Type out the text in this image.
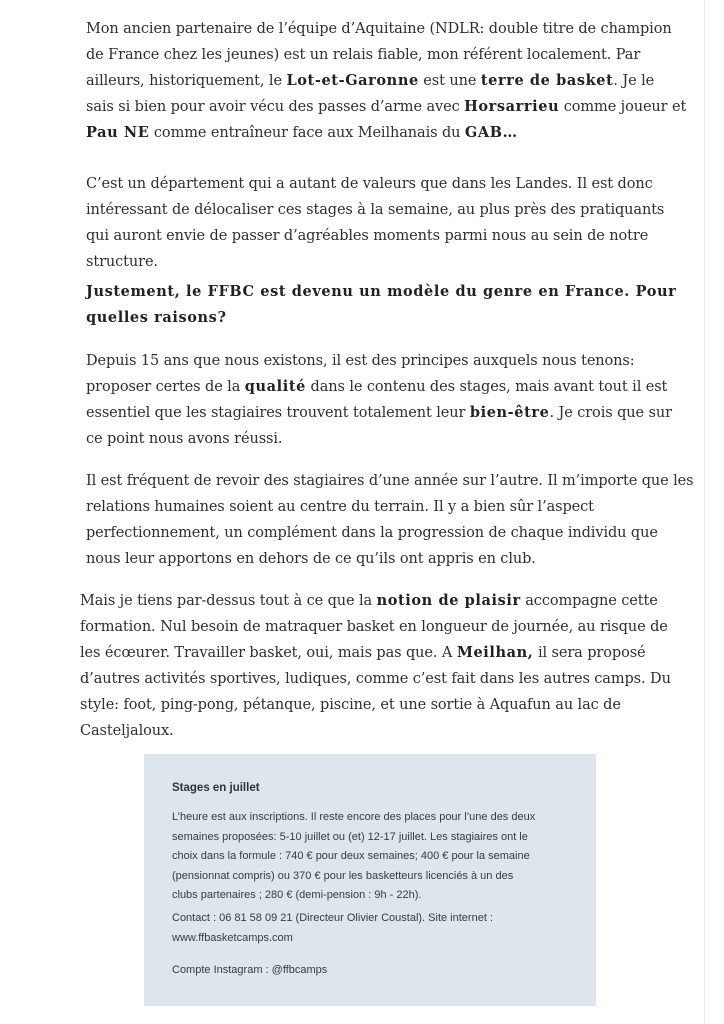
Mon ancien partenaire de l’équipe d’Aquitaine (NDLR: double titre de champion
de France chez les jeunes) est un relais fiable, mon référent localement. Par
ailleurs, historiquement, le Lot-et-Garonne est une terre de basket. Je le
sais si bien pour avoir vécu des passes d’arme avec Horsarrieu comme joueur et
Pau NE comme entraîneur face aux Meilhanais du GAB…

C’est un département qui a autant de valeurs que dans les Landes. Il est donc
intéressant de délocaliser ces stages à la semaine, au plus près des pratiquants
qui auront envie de passer d’agréables moments parmi nous au sein de notre
structure.

Justement, le FFBC est devenu un modèle du genre en France. Pour
quelles raisons?

Depuis 15 ans que nous existons, il est des principes auxquels nous tenons:
proposer certes de la qualité dans le contenu des stages, mais avant tout il est
essentiel que les stagiaires trouvent totalement leur bien-être. Je crois que sur
ce point nous avons réussi.

Il est fréquent de revoir des stagiaires d’une année sur l’autre. Il m’importe que les
relations humaines soient au centre du terrain. Il y a bien sûr l’aspect
perfectionnement, un complément dans la progression de chaque individu que
nous leur apportons en dehors de ce qu’ils ont appris en club.

Mais je tiens par-dessus tout à ce que la notion de plaisir accompagne cette
formation. Nul besoin de matraquer basket en longueur de journée, au risque de
les écœurer. Travailler basket, oui, mais pas que. A Meilhan, il sera proposé
d’autres activités sportives, ludiques, comme c’est fait dans les autres camps. Du
style: foot, ping-pong, pétanque, piscine, et une sortie à Aquafun au lac de
Casteljaloux.

Stages en juillet

L’heure est aux inscriptions. Il reste encore des places pour l’une des deux
semaines proposées: 5-10 juillet ou (et) 12-17 juillet. Les stagiaires ont le
choix dans la formule : 740 € pour deux semaines; 400 € pour la semaine
(pensionnat compris) ou 370 € pour les basketteurs licenciés à un des
clubs partenaires ; 280 € (demi-pension : 9h - 22h).

Contact : 06 81 58 09 21 (Directeur Olivier Coustal). Site internet :
www.ffbasketcamps.com

Compte Instagram : @ffbcamps
